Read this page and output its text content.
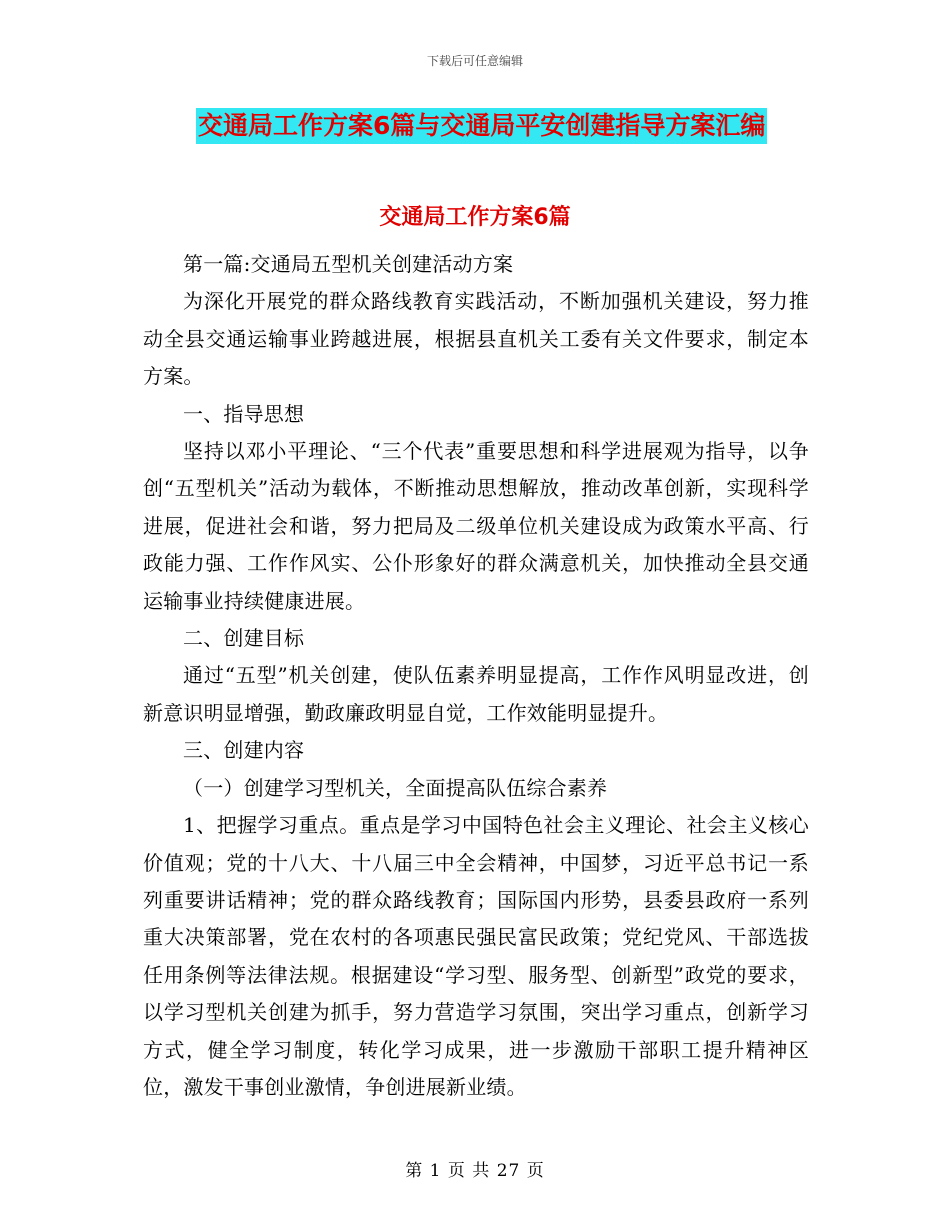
下载后可任意编辑
交通局工作方案6篇与交通局平安创建指导方案汇编
交通局工作方案6篇

第一篇:交通局五型机关创建活动方案

为深化开展党的群众路线教育实践活动，不断加强机关建设，努力推动全县交通运输事业跨越进展，根据县直机关工委有关文件要求，制定本方案。

一、指导思想

坚持以邓小平理论、“三个代表”重要思想和科学进展观为指导，以争创“五型机关”活动为载体，不断推动思想解放，推动改革创新，实现科学进展，促进社会和谐，努力把局及二级单位机关建设成为政策水平高、行政能力强、工作作风实、公仆形象好的群众满意机关，加快推动全县交通运输事业持续健康进展。

二、创建目标

通过“五型”机关创建，使队伍素养明显提高，工作作风明显改进，创新意识明显增强，勤政廉政明显自觉，工作效能明显提升。

三、创建内容

（一）创建学习型机关，全面提高队伍综合素养

1、把握学习重点。重点是学习中国特色社会主义理论、社会主义核心价值观；党的十八大、十八届三中全会精神，中国梦，习近平总书记一系列重要讲话精神；党的群众路线教育；国际国内形势，县委县政府一系列重大决策部署，党在农村的各项惠民强民富民政策；党纪党风、干部选拔任用条例等法律法规。根据建设“学习型、服务型、创新型”政党的要求，以学习型机关创建为抓手，努力营造学习氛围，突出学习重点，创新学习方式，健全学习制度，转化学习成果，进一步激励干部职工提升精神区位，激发干事创业激情，争创进展新业绩。

第 1 页 共 27 页
